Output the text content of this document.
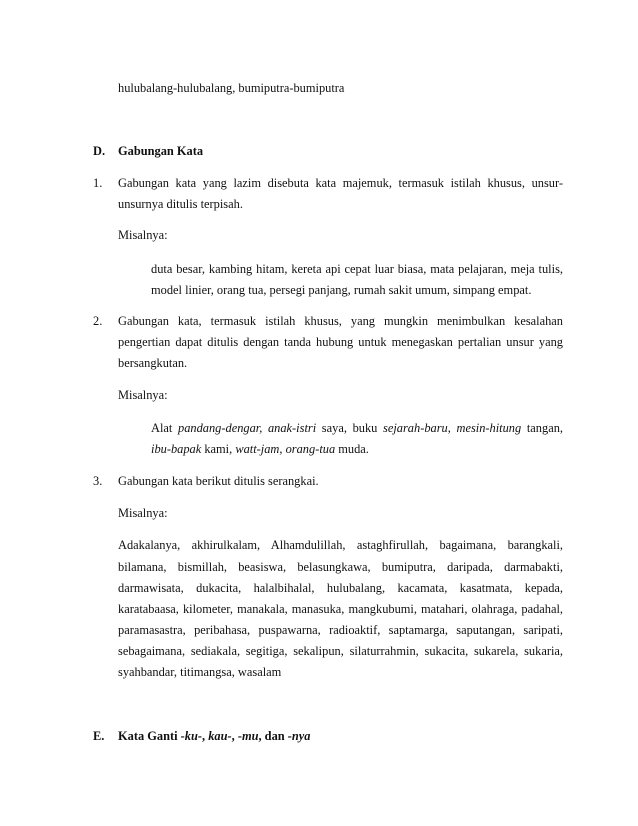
hulubalang-hulubalang, bumiputra-bumiputra
D. Gabungan Kata
1. Gabungan kata yang lazim disebuta kata majemuk, termasuk istilah khusus, unsur-
unsurnya ditulis terpisah.
Misalnya:
duta besar, kambing hitam, kereta api cepat luar biasa, mata pelajaran, meja tulis,
model linier, orang tua, persegi panjang, rumah sakit umum, simpang empat.
2. Gabungan kata, termasuk istilah khusus, yang mungkin menimbulkan kesalahan
pengertian dapat ditulis dengan tanda hubung untuk menegaskan pertalian unsur yang
bersangkutan.
Misalnya:
Alat pandang-dengar, anak-istri saya, buku sejarah-baru, mesin-hitung tangan,
ibu-bapak kami, watt-jam, orang-tua muda.
3. Gabungan kata berikut ditulis serangkai.
Misalnya:
Adakalanya, akhirulkalam, Alhamdulillah, astaghfirullah, bagaimana, barangkali,
bilamana, bismillah, beasiswa, belasungkawa, bumiputra, daripada, darmabakti,
darmawisata, dukacita, halalbihalal, hulubalang, kacamata, kasatmata, kepada,
karatabaasa, kilometer, manakala, manasuka, mangkubumi, matahari, olahraga, padahal,
paramasastra, peribahasa, puspawarna, radioaktif, saptamarga, saputangan, saripati,
sebagaimana, sediakala, segitiga, sekalipun, silaturrahmin, sukacita, sukarela, sukaria,
syahbandar, titimangsa, wasalam
E. Kata Ganti -ku-, kau-, -mu, dan -nya
